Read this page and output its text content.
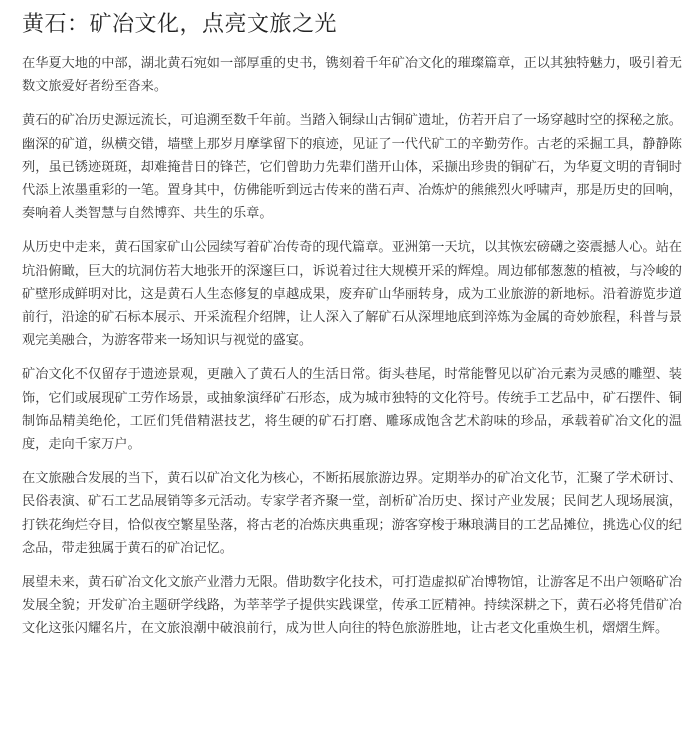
黄石：矿冶文化，点亮文旅之光

在华夏大地的中部，湖北黄石宛如一部厚重的史书，镌刻着千年矿冶文化的璀璨篇章，正以其独特魅力，吸引着无数文旅爱好者纷至沓来。

黄石的矿冶历史源远流长，可追溯至数千年前。当踏入铜绿山古铜矿遗址，仿若开启了一场穿越时空的探秘之旅。幽深的矿道，纵横交错，墙壁上那岁月摩挲留下的痕迹，见证了一代代矿工的辛勤劳作。古老的采掘工具，静静陈列，虽已锈迹斑斑，却难掩昔日的锋芒，它们曾助力先辈们凿开山体，采撷出珍贵的铜矿石，为华夏文明的青铜时代添上浓墨重彩的一笔。置身其中，仿佛能听到远古传来的凿石声、冶炼炉的熊熊烈火呼啸声，那是历史的回响，奏响着人类智慧与自然博弈、共生的乐章。

从历史中走来，黄石国家矿山公园续写着矿冶传奇的现代篇章。亚洲第一天坑，以其恢宏磅礴之姿震撼人心。站在坑沿俯瞰，巨大的坑洞仿若大地张开的深邃巨口，诉说着过往大规模开采的辉煌。周边郁郁葱葱的植被，与冷峻的矿壁形成鲜明对比，这是黄石人生态修复的卓越成果，废弃矿山华丽转身，成为工业旅游的新地标。沿着游览步道前行，沿途的矿石标本展示、开采流程介绍牌，让人深入了解矿石从深埋地底到淬炼为金属的奇妙旅程，科普与景观完美融合，为游客带来一场知识与视觉的盛宴。

矿冶文化不仅留存于遗迹景观，更融入了黄石人的生活日常。街头巷尾，时常能瞥见以矿冶元素为灵感的雕塑、装饰，它们或展现矿工劳作场景，或抽象演绎矿石形态，成为城市独特的文化符号。传统手工艺品中，矿石摆件、铜制饰品精美绝伦，工匠们凭借精湛技艺，将生硬的矿石打磨、雕琢成饱含艺术韵味的珍品，承载着矿冶文化的温度，走向千家万户。

在文旅融合发展的当下，黄石以矿冶文化为核心，不断拓展旅游边界。定期举办的矿冶文化节，汇聚了学术研讨、民俗表演、矿石工艺品展销等多元活动。专家学者齐聚一堂，剖析矿冶历史、探讨产业发展；民间艺人现场展演，打铁花绚烂夺目，恰似夜空繁星坠落，将古老的冶炼庆典重现；游客穿梭于琳琅满目的工艺品摊位，挑选心仪的纪念品，带走独属于黄石的矿冶记忆。

展望未来，黄石矿冶文化文旅产业潜力无限。借助数字化技术，可打造虚拟矿冶博物馆，让游客足不出户领略矿冶发展全貌；开发矿冶主题研学线路，为莘莘学子提供实践课堂，传承工匠精神。持续深耕之下，黄石必将凭借矿冶文化这张闪耀名片，在文旅浪潮中破浪前行，成为世人向往的特色旅游胜地，让古老文化重焕生机，熠熠生辉。
